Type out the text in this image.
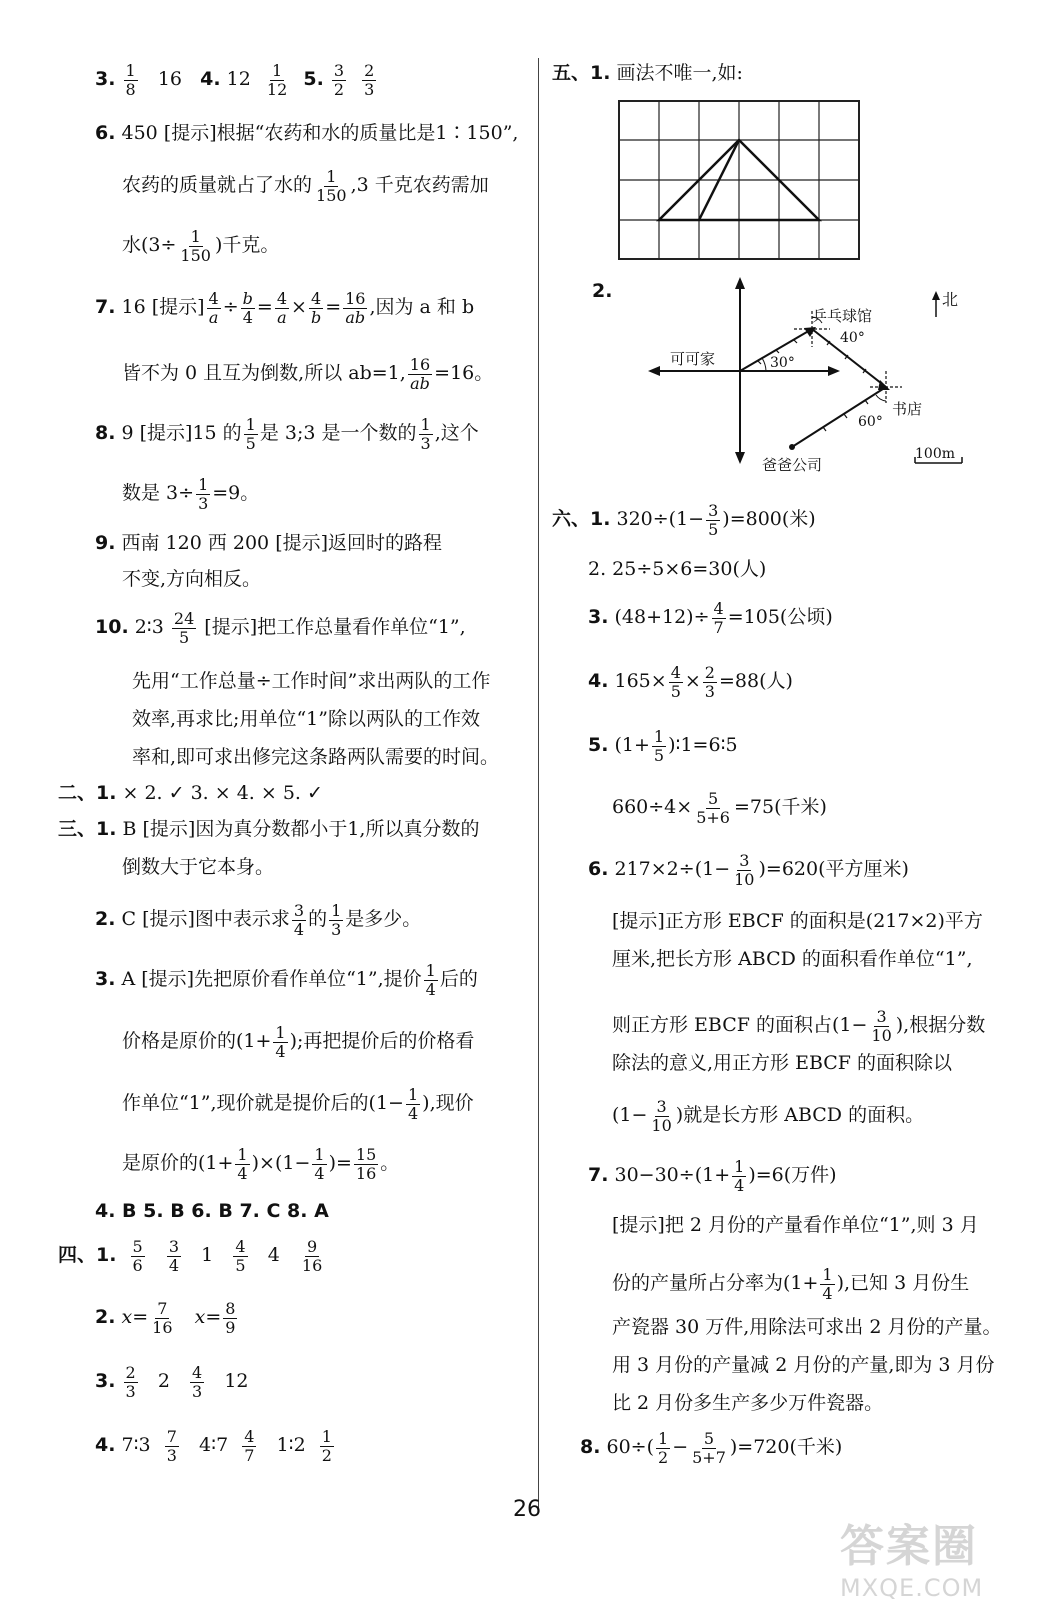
3. $\frac{1}{8} 16$ 4. $12 \frac{1}{12} 5$. $\frac{3}{2}$
$\frac{2}{3}$
6. 450 [提示]根据“农药和水的质量比是1∶150”,
农药的质量就占了水的 $\frac{1}{150} ,3$ 千克农药需加
水($3\div \frac{1}{150}$ )千克。
7. 16 [提示] $\frac{4}{a} \div \frac{b}{4} = \frac{4}{a} \times \frac{4}{b} = \frac{16}{ab}$ ,因为 a 和 b
皆不为 0 且互为倒数,所以 ab=1, $\frac{16}{ab} =16$。
8. 9 [提示]15 的 $\frac{1}{5}$ 是 3;3 是一个数的 $\frac{1}{3}$ ,这个
数是 $3\div \frac{1}{3} =9$。
9. 西南 120 西 200 [提示]返回时的路程
不变,方向相反。
10. 2∶3 $\frac{24}{5}$ [提示]把工作总量看作单位“1”,
先用“工作总量÷工作时间”求出两队的工作
效率,再求比;用单位“1”除以两队的工作效
率和,即可求出修完这条路两队需要的时间。
二、1. × 2. ✓ 3. × 4. × 5. ✓
三、1. B [提示]因为真分数都小于1,所以真分数的
倒数大于它本身。
2. C [提示]图中表示求 $\frac{3}{4}$ 的 $\frac{1}{3}$ 是多少。
3. A [提示]先把原价看作单位“1”,提价 $\frac{1}{4}$ 后的
价格是原价的($1+ \frac{1}{4}$ );再把提价后的价格看
作单位“1”,现价就是提价后的($1- \frac{1}{4}$ ),现价
是原价的$(1+ \frac{1}{4} )\times(1- \frac{1}{4}$ )= $\frac{15}{16}$ 。
4. B 5. B 6. B 7. C 8. A
四、1. $\frac{5}{6}$
$\frac{3}{4} 1 \frac{4}{5} 4 \frac{9}{16}$
2. $x= \frac{7}{16} x= \frac{8}{9}$
3. $\frac{2}{3} 2 \frac{4}{3} 12$
4. 7∶3 $\frac{7}{3}$ 4∶7 $\frac{4}{7}$ 1∶2 $\frac{1}{2}$
五、1. 画法不唯一,如:
2.	北
乒乓球馆
可可家
书店
爸爸公司
30°
40°
60°
100m
六、1. $320\div(1- \frac{3}{5} )=800$(米)
2. 25÷5×6=30(人)
3. $(48+12)\div \frac{4}{7} =105$(公顷)
4. $165\times \frac{4}{5} \times \frac{2}{3} =88$(人)
5. ($1+ \frac{1}{5}$ )∶1=6∶5
$660\div 4\times \frac{5}{5+6} =75$(千米)
6. $217\times 2\div(1- \frac{3}{10} )=620$(平方厘米)
[提示]正方形 EBCF 的面积是(217×2)平方
厘米,把长方形 ABCD 的面积看作单位“1”,
则正方形 EBCF 的面积占($1- \frac{3}{10}$ ),根据分数
除法的意义,用正方形 EBCF 的面积除以
($1- \frac{3}{10}$ )就是长方形 ABCD 的面积。
7. $30-30\div(1+ \frac{1}{4} )=6$(万件)
[提示]把 2 月份的产量看作单位“1”,则 3 月
份的产量所占分率为($1+ \frac{1}{4}$ ),已知 3 月份生
产瓷器 30 万件,用除法可求出 2 月份的产量。
用 3 月份的产量减 2 月份的产量,即为 3 月份
比 2 月份多生产多少万件瓷器。
8. $60\div( \frac{1}{2} - \frac{5}{5+7} )=720$(千米)
26
答案圈
MXQE.COM
